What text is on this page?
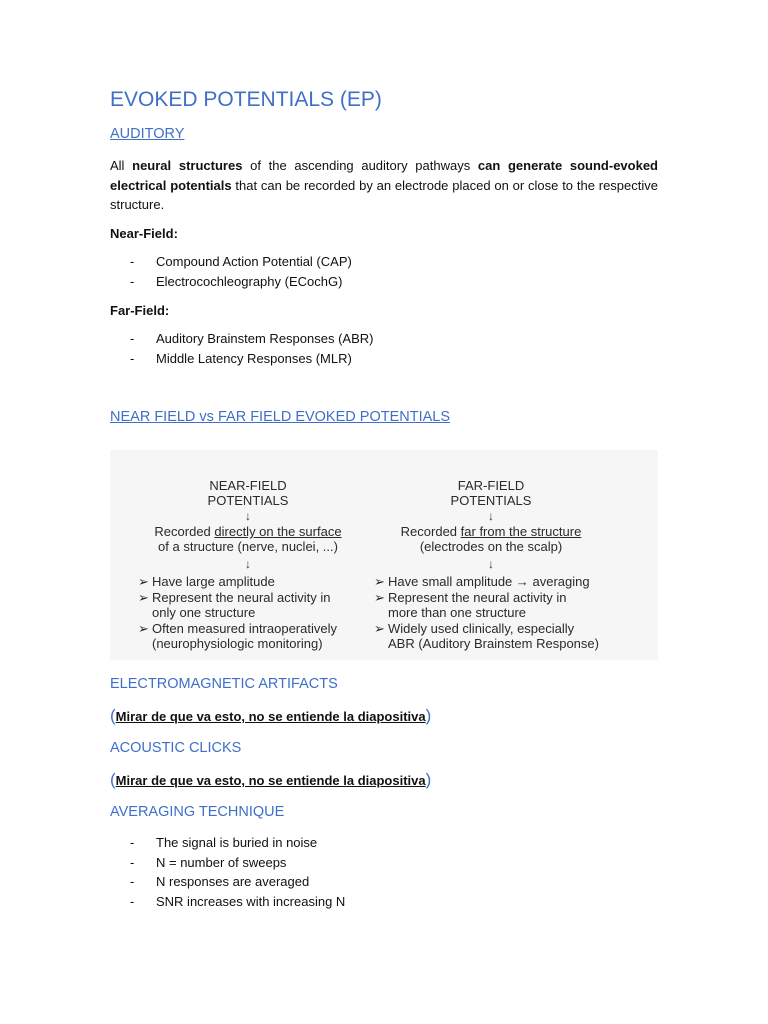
EVOKED POTENTIALS (EP)
AUDITORY
All neural structures of the ascending auditory pathways can generate sound-evoked electrical potentials that can be recorded by an electrode placed on or close to the respective structure.
Near-Field:
- Compound Action Potential (CAP)
- Electrocochleography (ECochG)
Far-Field:
- Auditory Brainstem Responses (ABR)
- Middle Latency Responses (MLR)
NEAR FIELD vs FAR FIELD EVOKED POTENTIALS
NEAR-FIELD
POTENTIALS
↓
Recorded directly on the surface
of a structure (nerve, nuclei, ...)
↓
➢ Have large amplitude
➢ Represent the neural activity in
only one structure
➢ Often measured intraoperatively
(neurophysiologic monitoring)
FAR-FIELD
POTENTIALS
↓
Recorded far from the structure
(electrodes on the scalp)
↓
➢ Have small amplitude → averaging
➢ Represent the neural activity in
more than one structure
➢ Widely used clinically, especially
ABR (Auditory Brainstem Response)
ELECTROMAGNETIC ARTIFACTS
(Mirar de que va esto, no se entiende la diapositiva)
ACOUSTIC CLICKS
(Mirar de que va esto, no se entiende la diapositiva)
AVERAGING TECHNIQUE
- The signal is buried in noise
- N = number of sweeps
- N responses are averaged
- SNR increases with increasing N
